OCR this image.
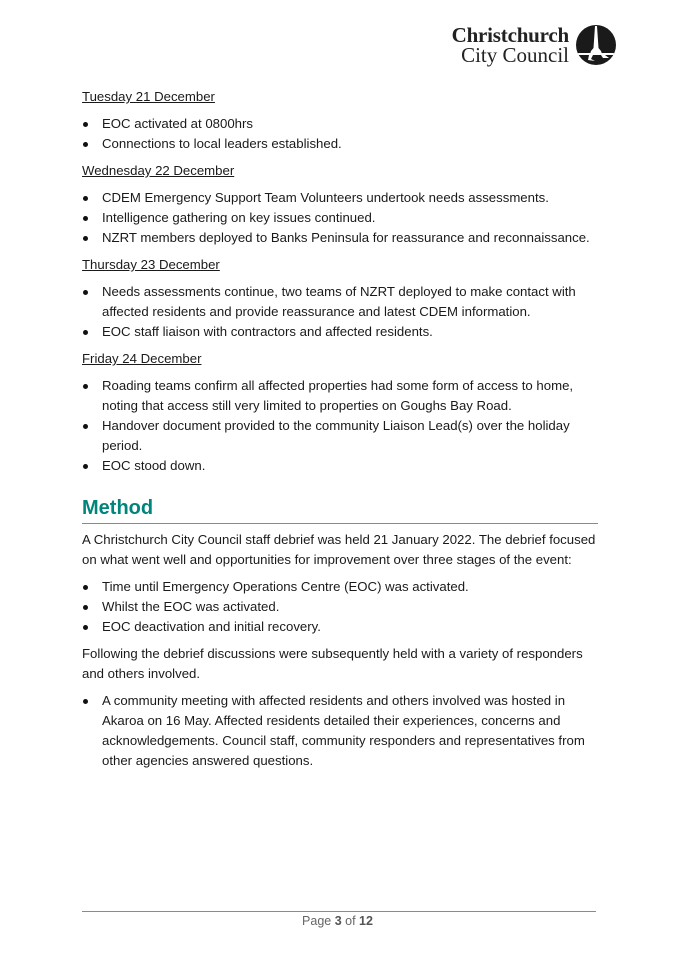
Christchurch
City Council
Tuesday 21 December
EOC activated at 0800hrs
Connections to local leaders established.
Wednesday 22 December
CDEM Emergency Support Team Volunteers undertook needs assessments.
Intelligence gathering on key issues continued.
NZRT members deployed to Banks Peninsula for reassurance and reconnaissance.
Thursday 23 December
Needs assessments continue, two teams of NZRT deployed to make contact with affected residents and provide reassurance and latest CDEM information.
EOC staff liaison with contractors and affected residents.
Friday 24 December
Roading teams confirm all affected properties had some form of access to home, noting that access still very limited to properties on Goughs Bay Road.
Handover document provided to the community Liaison Lead(s) over the holiday period.
EOC stood down.
Method

A Christchurch City Council staff debrief was held 21 January 2022. The debrief focused on what went well and opportunities for improvement over three stages of the event:

Time until Emergency Operations Centre (EOC) was activated.
Whilst the EOC was activated.
EOC deactivation and initial recovery.

Following the debrief discussions were subsequently held with a variety of responders and others involved.

A community meeting with affected residents and others involved was hosted in Akaroa on 16 May. Affected residents detailed their experiences, concerns and acknowledgements. Council staff, community responders and representatives from other agencies answered questions.
Page 3 of 12
